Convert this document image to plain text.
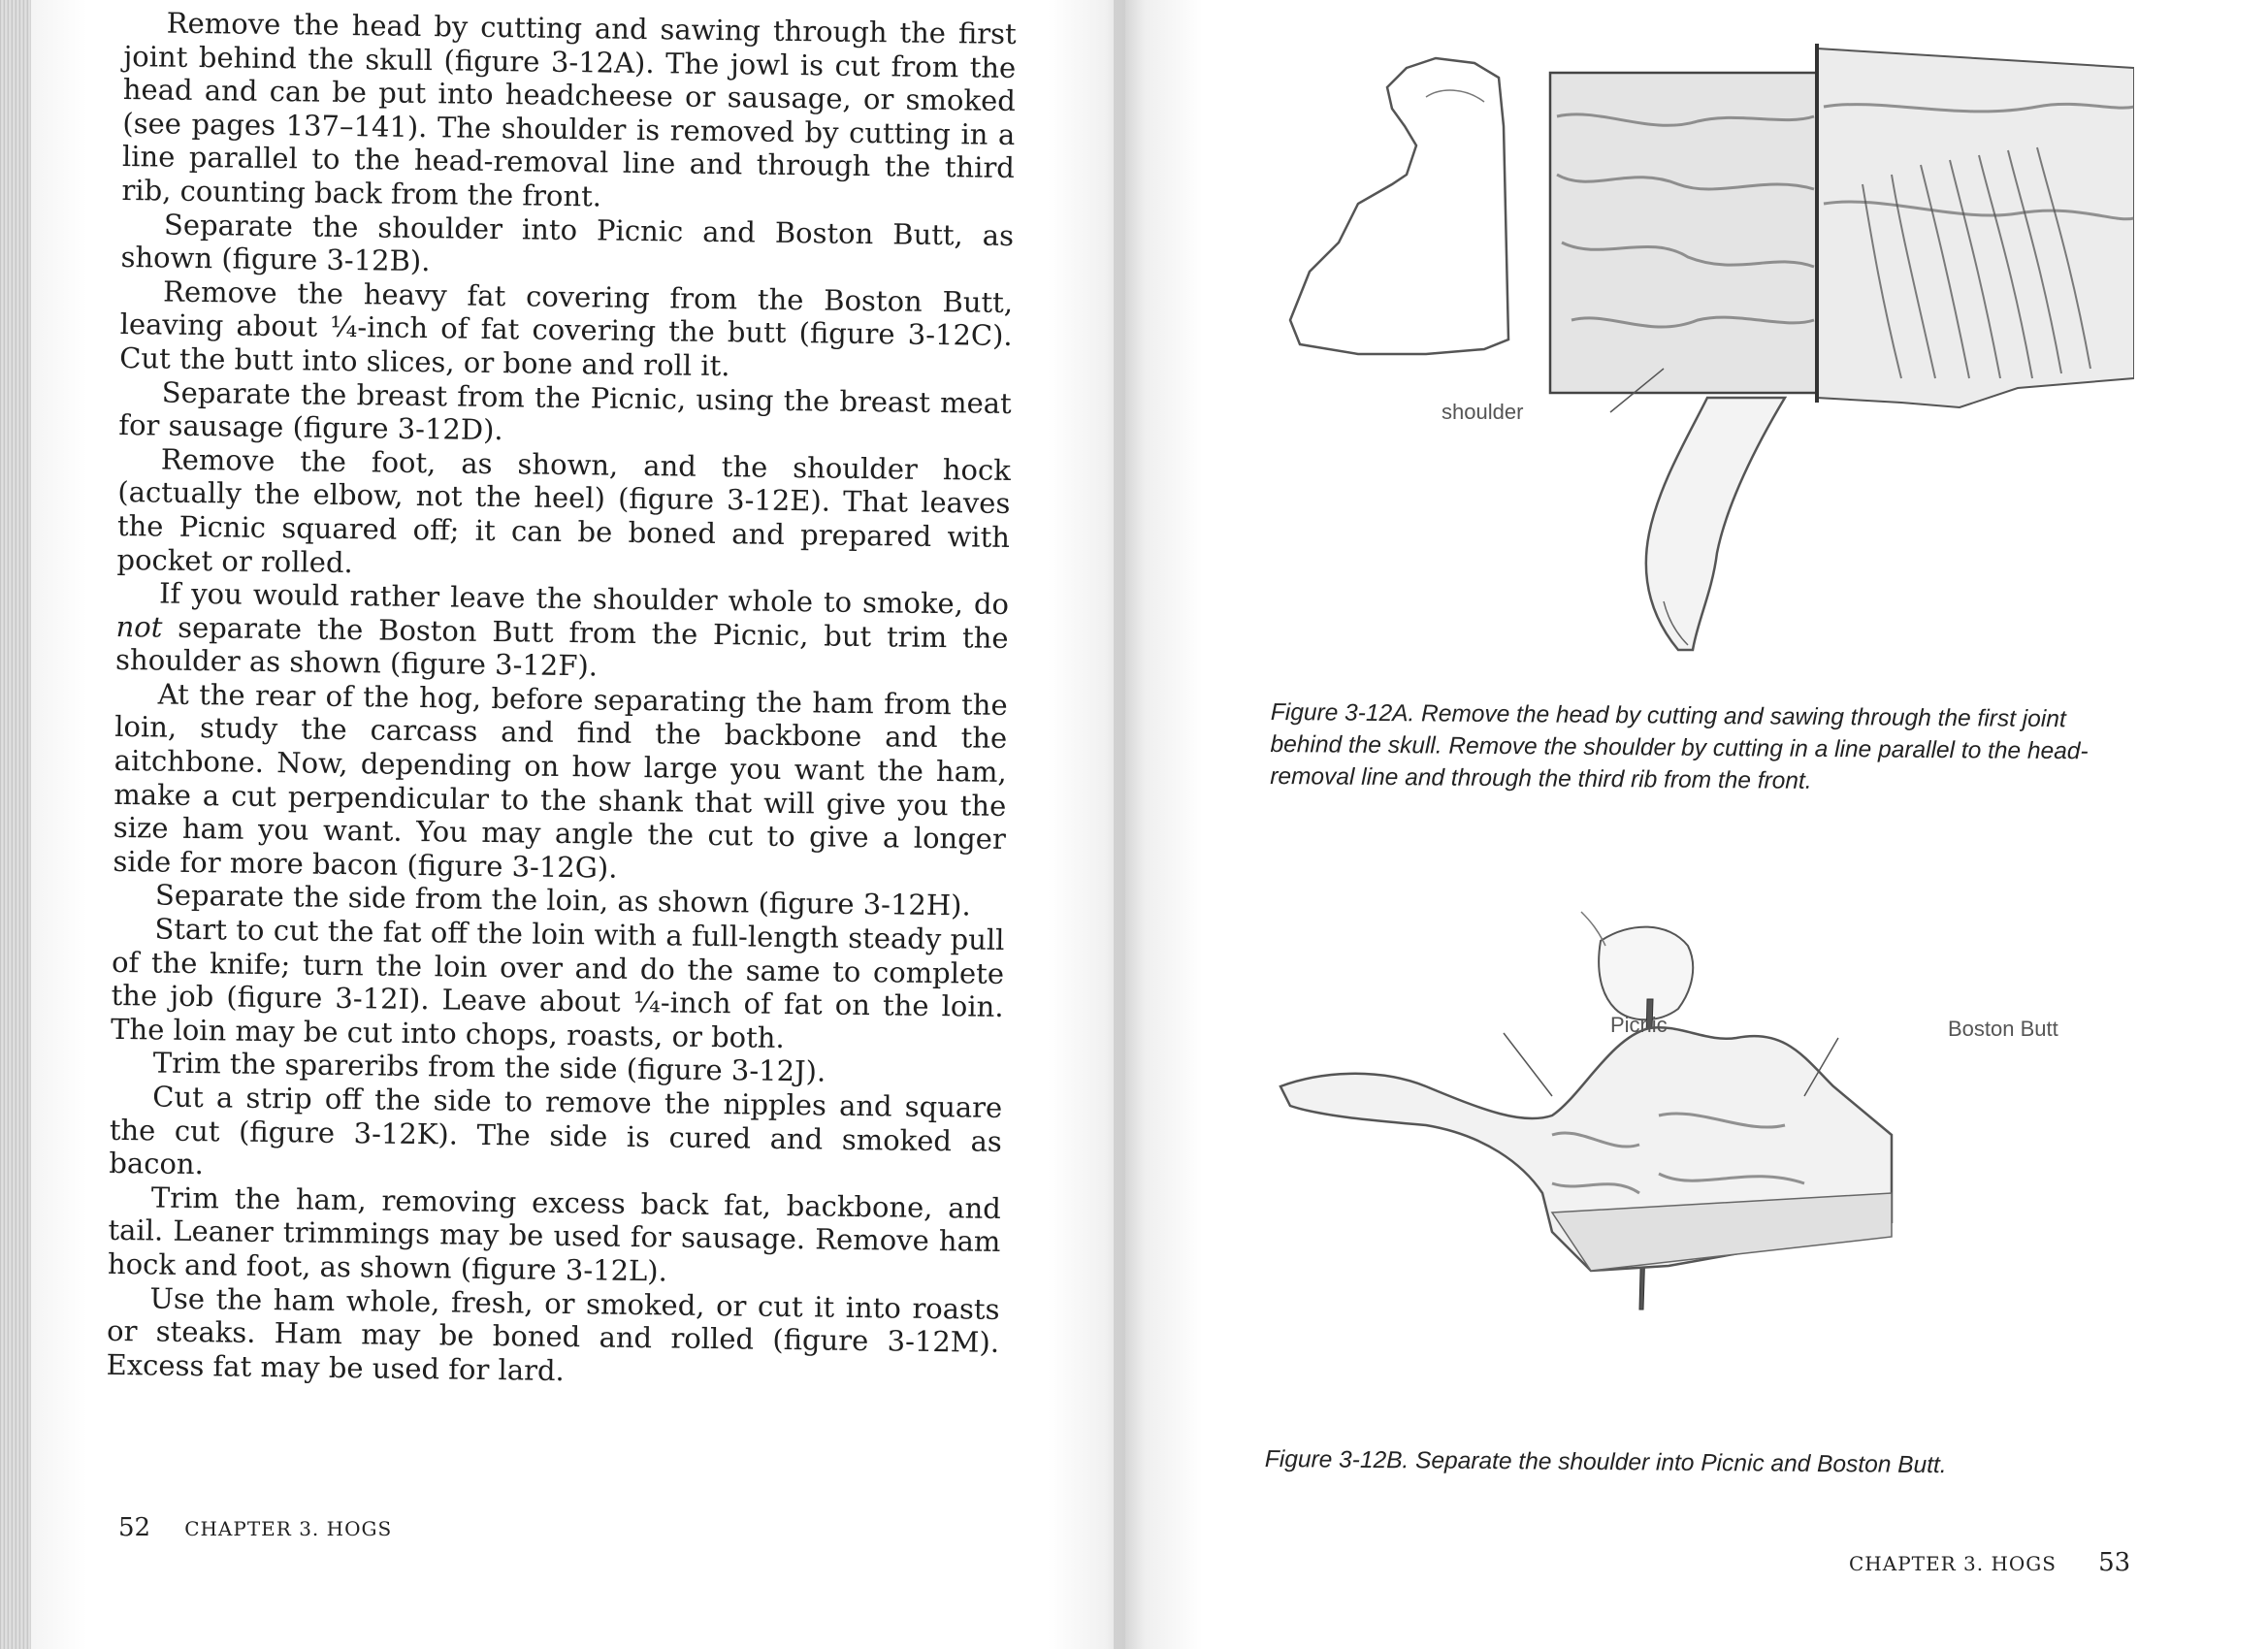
Remove the head by cutting and sawing through the first joint behind the skull (figure 3-12A). The jowl is cut from the head and can be put into headcheese or sausage, or smoked (see pages 137–141). The shoulder is removed by cutting in a line parallel to the head-removal line and through the third rib, counting back from the front.

Separate the shoulder into Picnic and Boston Butt, as shown (figure 3-12B).

Remove the heavy fat covering from the Boston Butt, leaving about ¼-inch of fat covering the butt (figure 3-12C). Cut the butt into slices, or bone and roll it.

Separate the breast from the Picnic, using the breast meat for sausage (figure 3-12D).

Remove the foot, as shown, and the shoulder hock (actually the elbow, not the heel) (figure 3-12E). That leaves the Picnic squared off; it can be boned and prepared with pocket or rolled.

If you would rather leave the shoulder whole to smoke, do not separate the Boston Butt from the Picnic, but trim the shoulder as shown (figure 3-12F).

At the rear of the hog, before separating the ham from the loin, study the carcass and find the backbone and the aitchbone. Now, depending on how large you want the ham, make a cut perpendicular to the shank that will give you the size ham you want. You may angle the cut to give a longer side for more bacon (figure 3-12G).

Separate the side from the loin, as shown (figure 3-12H).

Start to cut the fat off the loin with a full-length steady pull of the knife; turn the loin over and do the same to complete the job (figure 3-12I). Leave about ¼-inch of fat on the loin. The loin may be cut into chops, roasts, or both.

Trim the spareribs from the side (figure 3-12J).

Cut a strip off the side to remove the nipples and square the cut (figure 3-12K). The side is cured and smoked as bacon.

Trim the ham, removing excess back fat, backbone, and tail. Leaner trimmings may be used for sausage. Remove ham hock and foot, as shown (figure 3-12L).

Use the ham whole, fresh, or smoked, or cut it into roasts or steaks. Ham may be boned and rolled (figure 3-12M). Excess fat may be used for lard.

52 CHAPTER 3. HOGS
shoulder
Figure 3-12A. Remove the head by cutting and sawing through the first joint behind the skull. Remove the shoulder by cutting in a line parallel to the head-removal line and through the third rib from the front.
Picnic	Boston Butt
Figure 3-12B. Separate the shoulder into Picnic and Boston Butt.
CHAPTER 3. HOGS 53
